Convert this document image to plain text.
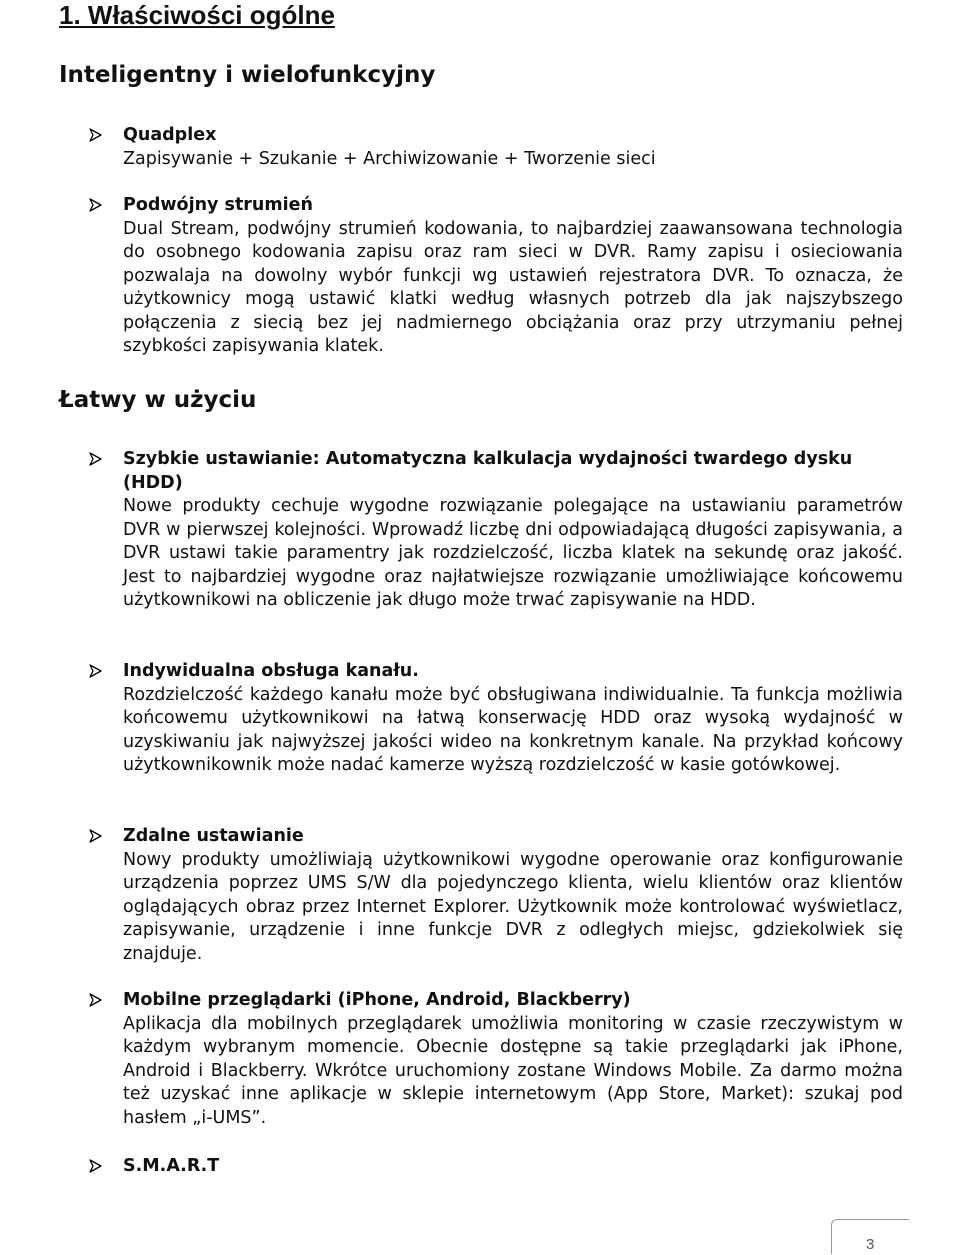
1. Właściwości ogólne
Inteligentny i wielofunkcyjny

Quadplex

Zapisywanie + Szukanie + Archiwizowanie + Tworzenie sieci

Podwójny strumień

Dual Stream, podwójny strumień kodowania, to najbardziej zaawansowana technologia do osobnego kodowania zapisu oraz ram sieci w DVR. Ramy zapisu i osieciowania pozwalaja na dowolny wybór funkcji wg ustawień rejestratora DVR. To oznacza, że użytkownicy mogą ustawić klatki według własnych potrzeb dla jak najszybszego połączenia z siecią bez jej nadmiernego obciążania oraz przy utrzymaniu pełnej szybkości zapisywania klatek.

Łatwy w użyciu

Szybkie ustawianie: Automatyczna kalkulacja wydajności twardego dysku (HDD)

Nowe produkty cechuje wygodne rozwiązanie polegające na ustawianiu parametrów DVR w pierwszej kolejności. Wprowadź liczbę dni odpowiadającą długości zapisywania, a DVR ustawi takie paramentry jak rozdzielczość, liczba klatek na sekundę oraz jakość. Jest to najbardziej wygodne oraz najłatwiejsze rozwiązanie umożliwiające końcowemu użytkownikowi na obliczenie jak długo może trwać zapisywanie na HDD.

Indywidualna obsługa kanału.

Rozdzielczość każdego kanału może być obsługiwana indiwidualnie. Ta funkcja możliwia końcowemu użytkownikowi na łatwą konserwację HDD oraz wysoką wydajność w uzyskiwaniu jak najwyższej jakości wideo na konkretnym kanale. Na przykład końcowy użytkownikownik może nadać kamerze wyższą rozdzielczość w kasie gotówkowej.

Zdalne ustawianie

Nowy produkty umożliwiają użytkownikowi wygodne operowanie oraz konfigurowanie urządzenia poprzez UMS S/W dla pojedynczego klienta, wielu klientów oraz klientów oglądających obraz przez Internet Explorer. Użytkownik może kontrolować wyświetlacz, zapisywanie, urządzenie i inne funkcje DVR z odległych miejsc, gdziekolwiek się znajduje.

Mobilne przeglądarki (iPhone, Android, Blackberry)

Aplikacja dla mobilnych przeglądarek umożliwia monitoring w czasie rzeczywistym w każdym wybranym momencie. Obecnie dostępne są takie przeglądarki jak iPhone, Android i Blackberry. Wkrótce uruchomiony zostane Windows Mobile. Za darmo można też uzyskać inne aplikacje w sklepie internetowym (App Store, Market): szukaj pod hasłem „i-UMS”.

S.M.A.R.T

3
